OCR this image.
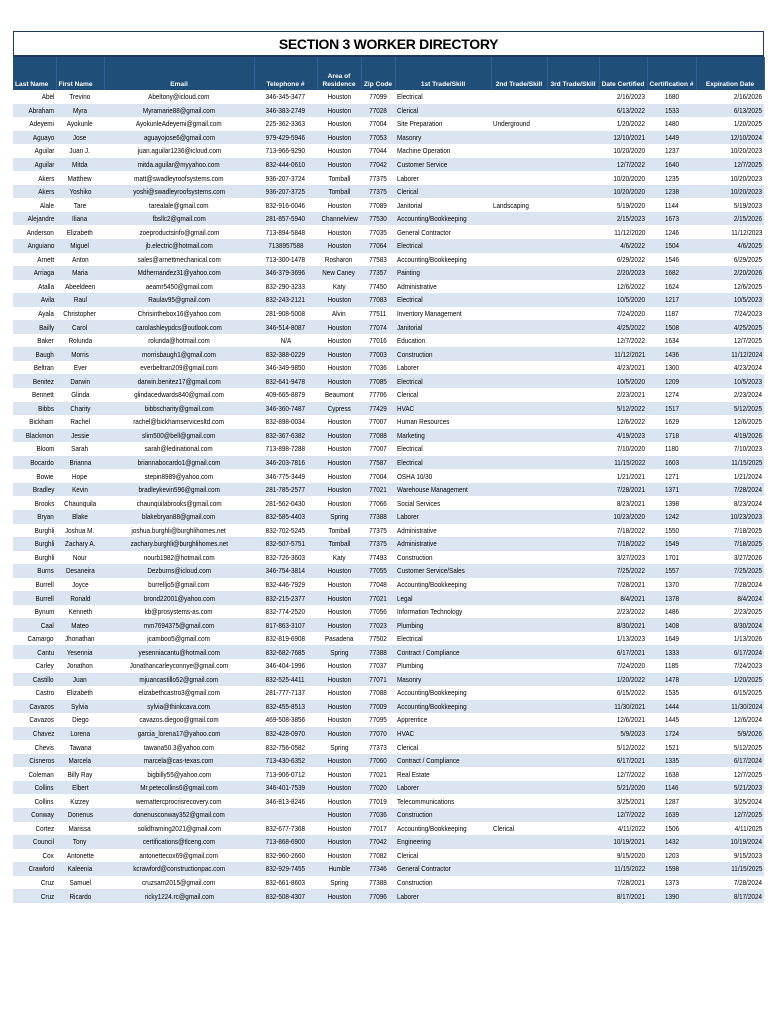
SECTION 3 WORKER DIRECTORY
Last Name	First Name	Email	Telephone #	Area of Residence	Zip Code	1st Trade/Skill	2nd Trade/Skill	3rd Trade/Skill	Date Certified	Certification #	Expiration Date
Abel	Trevino	Abeltony@icloud.com	346-345-3477	Houston	77099	Electrical			2/16/2023	1680	2/16/2026
Abraham	Myra	Myramarie88@gmail.com	346-383-2749	Houston	77028	Clerical			6/13/2022	1533	6/13/2025
Adeyemi	Ayokunle	AyokunleAdeyemi@gmail.com	225-362-3363	Houston	77004	Site Preparation	Underground		1/20/2022	1480	1/20/2025
Aguayo	Jose	aguayojose6@gmail.com	979-429-5946	Houston	77053	Masonry			12/10/2021	1449	12/10/2024
Aguilar	Juan J.	juan.aguilar1236@icloud.com	713-966-9290	Houston	77044	Machine Operation			10/20/2020	1237	10/20/2023
Aguilar	Mitda	mitda.aguilar@myyahoo.com	832-444-0610	Houston	77042	Customer Service			12/7/2022	1640	12/7/2025
Akers	Matthew	matt@swadleyroofsystems.com	936-207-3724	Tomball	77375	Laborer			10/20/2020	1235	10/20/2023
Akers	Yoshiko	yoshi@swadleyroofsystems.com	936-207-3725	Tomball	77375	Clerical			10/20/2020	1238	10/20/2023
Alale	Tare	tarealale@gmail.com	832-916-0046	Houston	77089	Janitorial	Landscaping		5/19/2020	1144	5/19/2023
Alejandre	Iliana	fbsllc2@gmail.com	281-857-5940	Channelview	77530	Accounting/Bookkeeping			2/15/2023	1673	2/15/2026
Anderson	Elizabeth	zoeproductsinfo@gmail.com	713-894-5848	Houston	77035	General Contractor			11/12/2020	1246	11/12/2023
Anguiano	Miguel	jb.electric@hotmail.com	7138957588	Houston	77064	Electrical			4/6/2022	1504	4/6/2025
Arnett	Anton	sales@arnettmechanical.com	713-300-1478	Rosharon	77583	Accounting/Bookkeeping			6/29/2022	1546	6/29/2025
Arriaga	Maria	Mdhernandez31@yahoo.com	346-379-3696	New Caney	77357	Painting			2/20/2023	1682	2/20/2026
Atalla	Abeeldeen	aeamr5450@gmail.com	832-290-3233	Katy	77450	Administrative			12/6/2022	1624	12/6/2025
Avila	Raul	Raulav95@gmail.com	832-243-2121	Houston	77083	Electrical			10/5/2020	1217	10/5/2023
Ayala	Christopher	Chrisinthebox16@yahoo.com	281-908-5008	Alvin	77511	Inventory Management			7/24/2020	1187	7/24/2023
Bailly	Carol	carolashleypdcs@outlook.com	346-514-8087	Houston	77074	Janitorial			4/25/2022	1508	4/25/2025
Baker	Rolunda	rolunda@hotmail.com	N/A	Houston	77016	Education			12/7/2022	1634	12/7/2025
Baugh	Morris	morrisbaugh1@gmail.com	832-388-0229	Houston	77003	Construction			11/12/2021	1436	11/12/2024
Beltran	Ever	everbeltran209@gmail.com	346-349-9850	Houston	77036	Laborer			4/23/2021	1300	4/23/2024
Benitez	Darwin	darwin.benitez17@gmail.com	832-641-9478	Houston	77085	Electrical			10/5/2020	1209	10/5/2023
Bennett	Glinda	glindacedwards840@gmail.com	409-665-8879	Beaumont	77706	Clerical			2/23/2021	1274	2/23/2024
Bibbs	Charity	bibbscharity@gmail.com	346-360-7487	Cypress	77429	HVAC			5/12/2022	1517	5/12/2025
Bickham	Rachel	rachel@bickhamservicesltd.com	832-898-0034	Houston	77007	Human Resources			12/6/2022	1629	12/6/2025
Blackmon	Jessie	slim500@bell@gmail.com	832-367-6382	Houston	77088	Marketing			4/19/2023	1718	4/19/2026
Bloom	Sarah	sarah@ledinational.com	713-898-7288	Houston	77007	Electrical			7/10/2020	1180	7/10/2023
Bocardo	Brianna	briannabocardo1@gmail.com	346-203-7816	Houston	77587	Electrical			11/15/2022	1603	11/15/2025
Bowie	Hope	stepin8989@yahoo.com	346-775-3449	Houston	77004	OSHA 10/30			1/21/2021	1271	1/21/2024
Bradley	Kevin	bradleykevin596@gmail.com	281-785-2577	Houston	77021	Warehouse Management			7/28/2021	1371	7/28/2024
Brooks	Chaunquila	chaunquilabrooks@gmail.com	281-562-0430	Houston	77066	Social Services			8/23/2021	1398	8/23/2024
Bryan	Blake	blakebryan88@gmail.com	832-585-4403	Spring	77388	Laborer			10/23/2020	1242	10/23/2023
Burghli	Joshua M.	joshua.burghli@burghlihomes.net	832-702-5245	Tomball	77375	Administrative			7/18/2022	1550	7/18/2025
Burghli	Zachary A.	zachary.burghli@burghlihomes.net	832-507-5751	Tomball	77375	Administrative			7/18/2022	1549	7/18/2025
Burghli	Nour	nourb1982@hotmail.com	832-726-3603	Katy	77493	Construction			3/27/2023	1701	3/27/2026
Burns	Desaneira	Dezburns@icloud.com	346-754-3814	Houston	77055	Customer Service/Sales			7/25/2022	1557	7/25/2025
Burrell	Joyce	burrelljo5@gmail.com	832-446-7929	Houston	77048	Accounting/Bookkeeping			7/28/2021	1370	7/28/2024
Burrell	Ronald	brond22001@yahoo.com	832-215-2377	Houston	77021	Legal			8/4/2021	1378	8/4/2024
Bynum	Kenneth	kb@prosystems-as.com	832-774-2520	Houston	77056	Information Technology			2/23/2022	1486	2/23/2025
Caal	Mateo	mm7694375@gmail.com	817-863-3107	Houston	77023	Plumbing			8/30/2021	1408	8/30/2024
Camargo	Jhonathan	jcamboo5@gmail.com	832-819-6908	Pasadena	77502	Electrical			1/13/2023	1649	1/13/2026
Cantu	Yesennia	yesenniacantu@hotmail.com	832-682-7685	Spring	77388	Contract / Compliance			6/17/2021	1333	6/17/2024
Carley	Jonathon	Jonathancarleyconnye@gmail.com	346-404-1996	Houston	77037	Plumbing			7/24/2020	1185	7/24/2023
Castillo	Juan	mjuancastillo52@gmail.com	832-525-4411	Houston	77071	Masonry			1/20/2022	1478	1/20/2025
Castro	Elizabeth	elizabethcastro3@gmail.com	281-777-7137	Houston	77088	Accounting/Bookkeeping			6/15/2022	1535	6/15/2025
Cavazos	Sylvia	sylvia@thinkcava.com	832-455-8513	Houston	77009	Accounting/Bookkeeping			11/30/2021	1444	11/30/2024
Cavazos	Diego	cavazos.diegoo@gmail.com	469-508-3856	Houston	77095	Apprentice			12/6/2021	1445	12/6/2024
Chavez	Lorena	garcia_lorena17@yahoo.com	832-428-0970	Houston	77070	HVAC			5/9/2023	1724	5/9/2026
Chevis	Tawana	tawana50.3@yahoo.com	832-756-0582	Spring	77373	Clerical			5/12/2022	1521	5/12/2025
Cisneros	Marcela	marcela@cas-texas.com	713-430-6352	Houston	77060	Contract / Compliance			6/17/2021	1335	6/17/2024
Coleman	Billy Ray	bigbilly55@yahoo.com	713-906-0712	Houston	77021	Real Estate			12/7/2022	1638	12/7/2025
Collins	Elbert	Mr.petecollins6@gmail.com	346-401-7539	Houston	77020	Laborer			5/21/2020	1146	5/21/2023
Collins	Kizzey	wemattercprocrisrecovery.com	346-813-8246	Houston	77019	Telecommunications			3/25/2021	1287	3/25/2024
Conway	Donenus	donenusconway352@gmail.com		Houston	77036	Construction			12/7/2022	1639	12/7/2025
Cortez	Marissa	solidframing2021@gmail.com	832-677-7368	Houston	77017	Accounting/Bookkeeping	Clerical		4/11/2022	1506	4/11/2025
Council	Tony	certifications@tlceng.com	713-868-6900	Houston	77042	Engineering			10/19/2021	1432	10/19/2024
Cox	Antonette	antonettecox69@gmail.com	832-960-2660	Houston	77082	Clerical			9/15/2020	1203	9/15/2023
Crawford	Kaleenia	kcrawford@constructionpac.com	832-929-7455	Humble	77346	General Contractor			11/15/2022	1598	11/15/2025
Cruz	Samuel	cruzsam2015@gmail.com	832-661-8603	Spring	77388	Construction			7/28/2021	1373	7/28/2024
Cruz	Ricardo	ricky1224.rc@gmail.com	832-508-4307	Houston	77096	Laborer			8/17/2021	1390	8/17/2024
